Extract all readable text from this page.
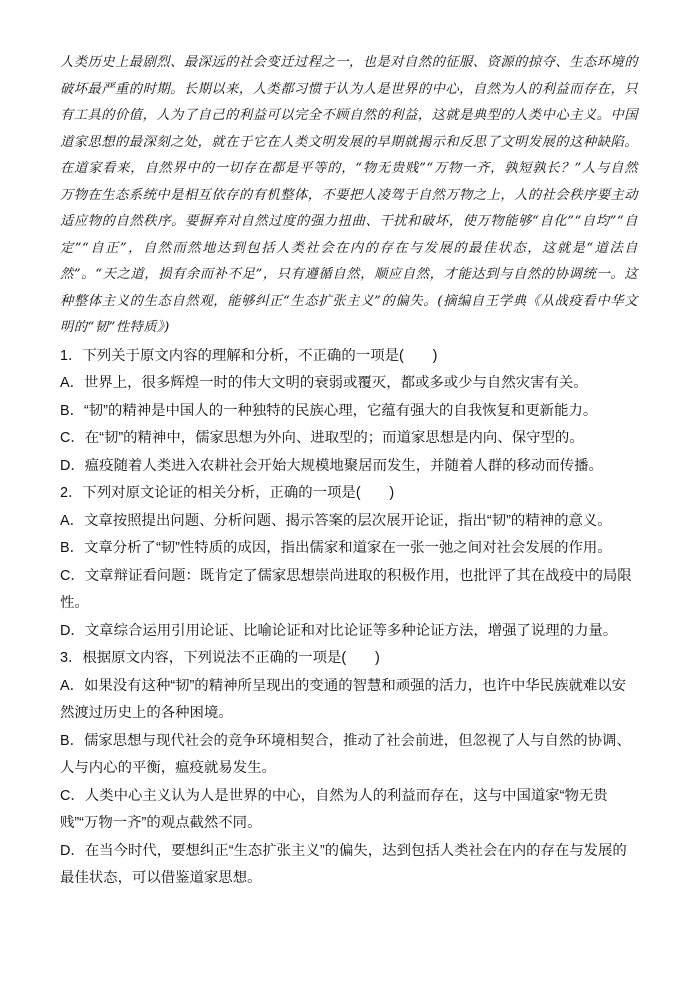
人类历史上最剧烈、最深远的社会变迁过程之一，也是对自然的征服、资源的掠夺、生态环境的破坏最严重的时期。长期以来，人类都习惯于认为人是世界的中心，自然为人的利益而存在，只有工具的价值，人为了自己的利益可以完全不顾自然的利益，这就是典型的人类中心主义。中国道家思想的最深刻之处，就在于它在人类文明发展的早期就揭示和反思了文明发展的这种缺陷。在道家看来，自然界中的一切存在都是平等的，“物无贵贱”“万物一齐，孰短孰长？”人与自然万物在生态系统中是相互依存的有机整体，不要把人凌驾于自然万物之上，人的社会秩序要主动适应物的自然秩序。要摒弃对自然过度的强力扭曲、干扰和破坏，使万物能够“自化”“自均”“自定”“自正”，自然而然地达到包括人类社会在内的存在与发展的最佳状态，这就是“道法自然”。“天之道，损有余而补不足”，只有遵循自然，顺应自然，才能达到与自然的协调统一。这种整体主义的生态自然观，能够纠正“生态扩张主义”的偏失。(摘编自王学典《从战疫看中华文明的“韧”性特质》)

1．下列关于原文内容的理解和分析，不正确的一项是(　　)

A．世界上，很多辉煌一时的伟大文明的衰弱或覆灭，都或多或少与自然灾害有关。

B．“韧”的精神是中国人的一种独特的民族心理，它蕴有强大的自我恢复和更新能力。

C．在“韧”的精神中，儒家思想为外向、进取型的；而道家思想是内向、保守型的。

D．瘟疫随着人类进入农耕社会开始大规模地聚居而发生，并随着人群的移动而传播。

2．下列对原文论证的相关分析，正确的一项是(　　)

A．文章按照提出问题、分析问题、揭示答案的层次展开论证，指出“韧”的精神的意义。

B．文章分析了“韧”性特质的成因，指出儒家和道家在一张一弛之间对社会发展的作用。

C．文章辩证看问题：既肯定了儒家思想崇尚进取的积极作用，也批评了其在战疫中的局限性。

D．文章综合运用引用论证、比喻论证和对比论证等多种论证方法，增强了说理的力量。

3．根据原文内容，下列说法不正确的一项是(　　)

A．如果没有这种“韧”的精神所呈现出的变通的智慧和顽强的活力，也许中华民族就难以安然渡过历史上的各种困境。

B．儒家思想与现代社会的竞争环境相契合，推动了社会前进，但忽视了人与自然的协调、人与内心的平衡，瘟疫就易发生。

C．人类中心主义认为人是世界的中心，自然为人的利益而存在，这与中国道家“物无贵贱”“万物一齐”的观点截然不同。

D．在当今时代，要想纠正“生态扩张主义”的偏失，达到包括人类社会在内的存在与发展的最佳状态，可以借鉴道家思想。
